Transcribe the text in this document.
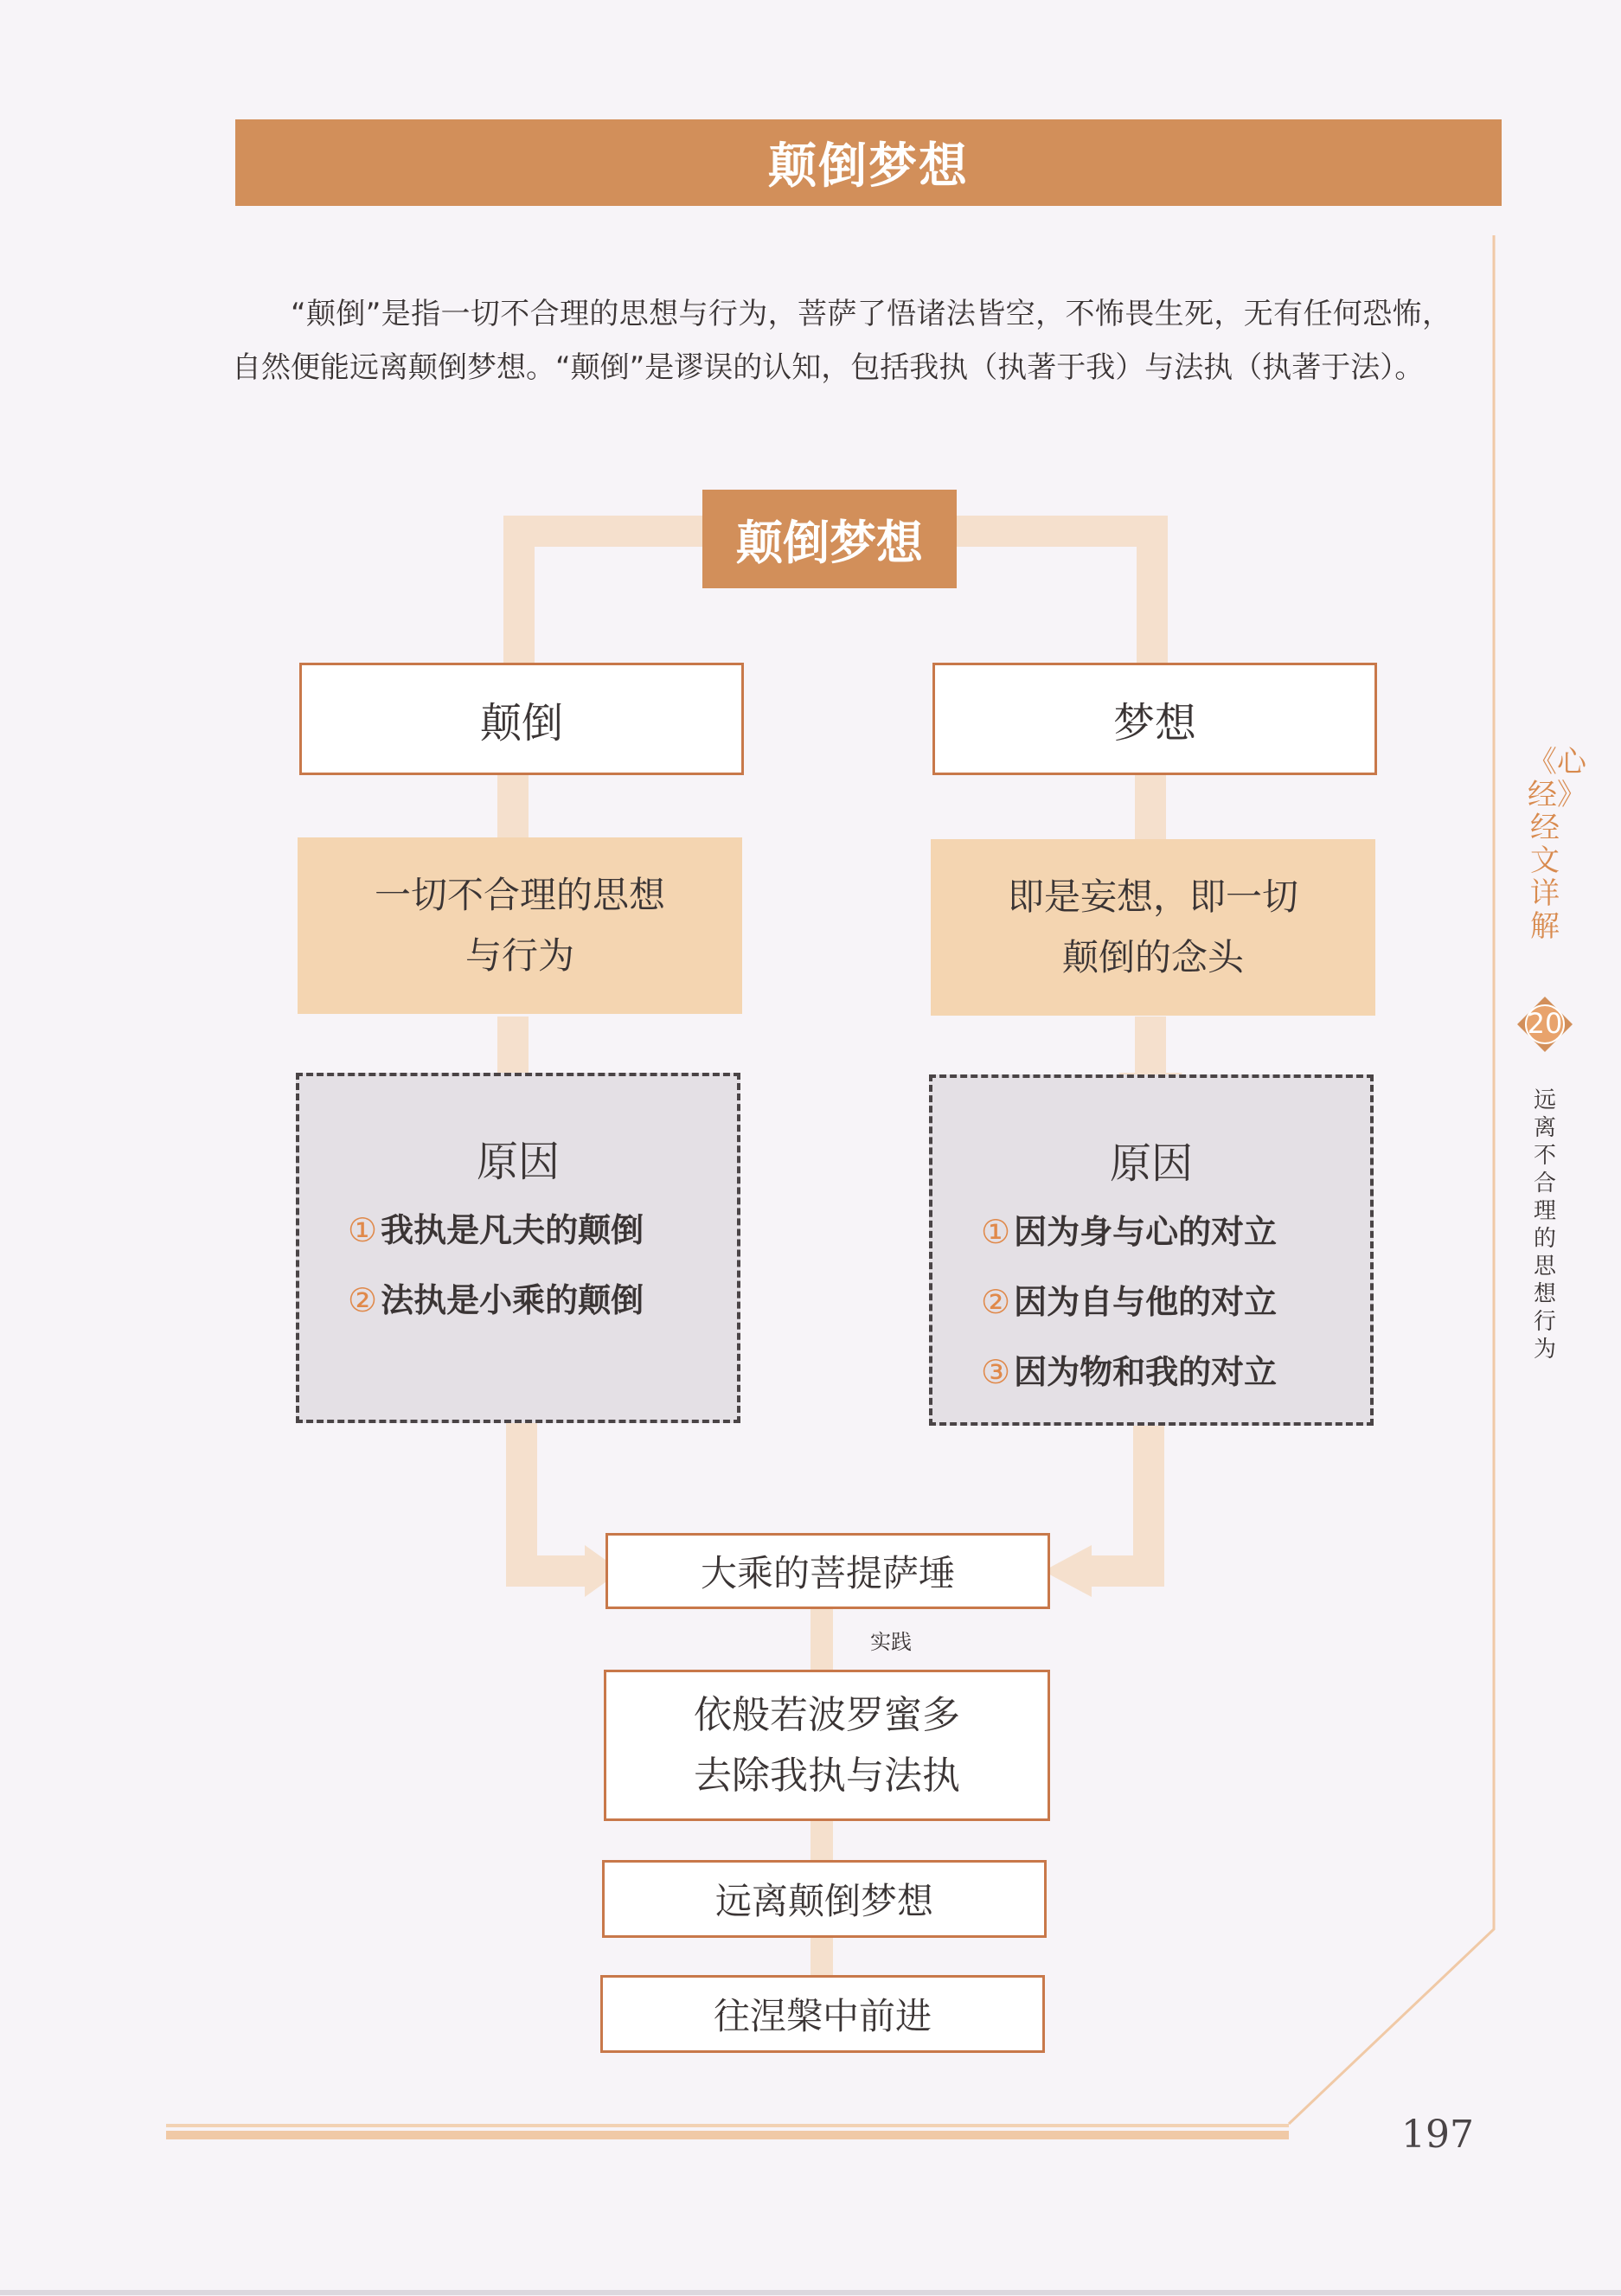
颠倒梦想
“颠倒”是指一切不合理的思想与行为，菩萨了悟诸法皆空，不怖畏生死，无有任何恐怖，自然便能远离颠倒梦想。“颠倒”是谬误的认知，包括我执（执著于我）与法执（执著于法）。
颠倒梦想
颠倒	梦想
一切不合理的思想
与行为
即是妄想，即一切
颠倒的念头
原因
① 我执是凡夫的颠倒
② 法执是小乘的颠倒
原因
① 因为身与心的对立
② 因为自与他的对立
③ 因为物和我的对立
大乘的菩提萨埵
实践
依般若波罗蜜多
去除我执与法执
远离颠倒梦想
往涅槃中前进
《心经》经文详解
20
远离不合理的思想行为
197
